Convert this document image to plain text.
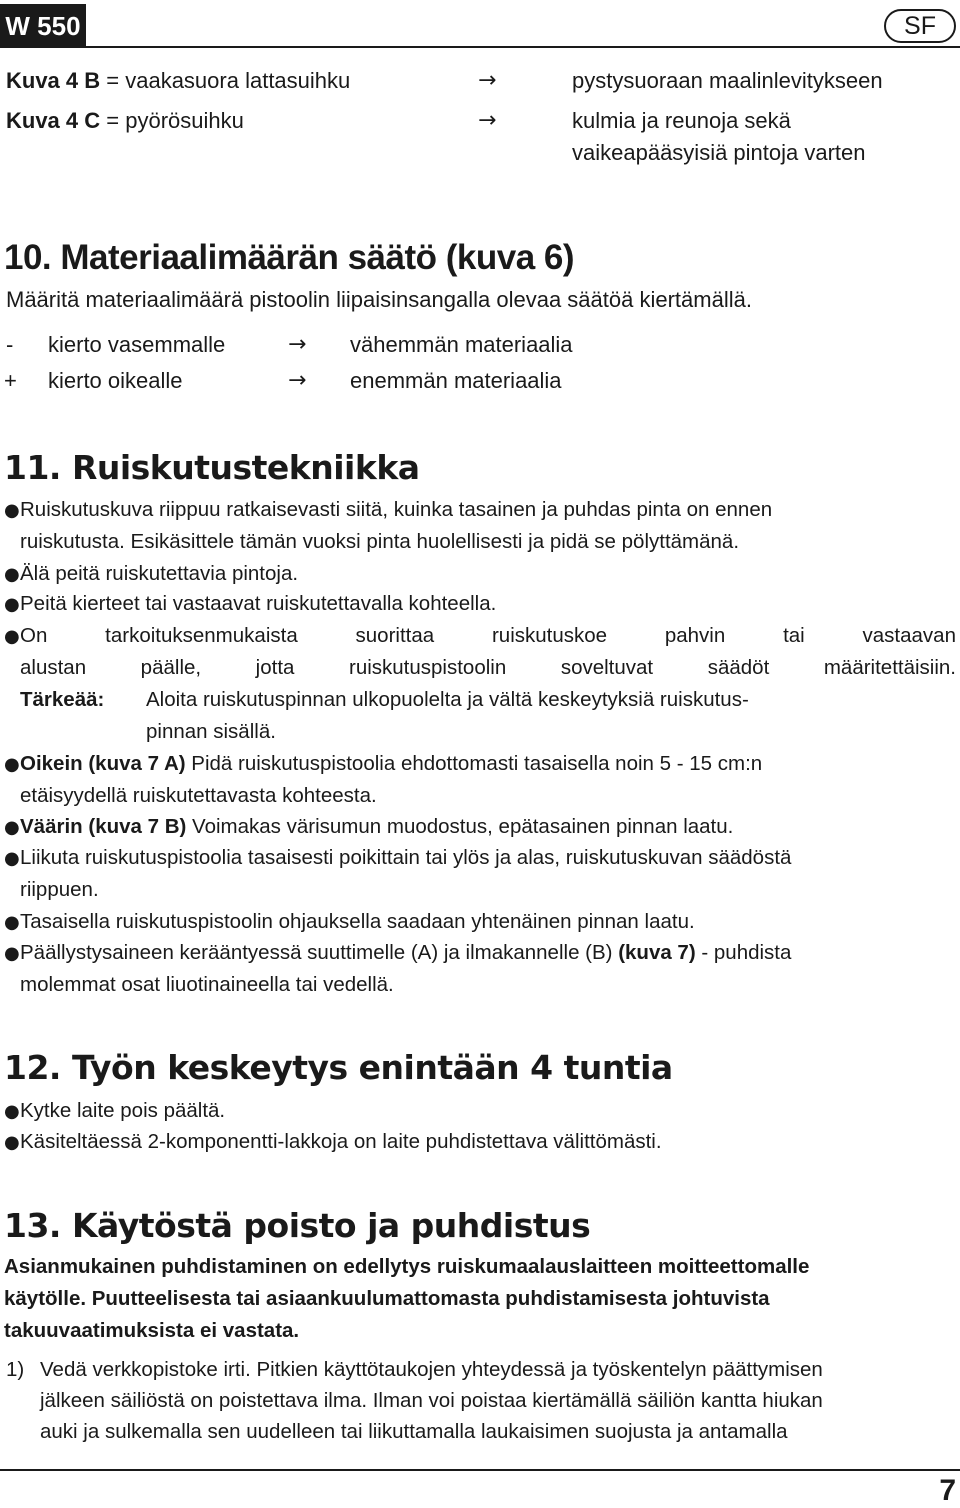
W 550	SF
Kuva 4 B = vaakasuora lattasuihku	→	pystysuoraan maalinlevitykseen
Kuva 4 C = pyörösuihku	→	kulmia ja reunoja sekä
vaikeapääsyisiä pintoja varten
10. Materiaalimäärän säätö (kuva 6)
Määritä materiaalimäärä pistoolin liipaisinsangalla olevaa säätöä kiertämällä.
- kierto vasemmalle	→ vähemmän materiaalia
+ kierto oikealle	→ enemmän materiaalia
11. Ruiskutustekniikka
● Ruiskutuskuva riippuu ratkaisevasti siitä, kuinka tasainen ja puhdas pinta on ennen
ruiskutusta. Esikäsittele tämän vuoksi pinta huolellisesti ja pidä se pölyttämänä.
● Älä peitä ruiskutettavia pintoja.
● Peitä kierteet tai vastaavat ruiskutettavalla kohteella.
● On tarkoituksenmukaista suorittaa ruiskutuskoe pahvin tai vastaavan
alustan päälle, jotta ruiskutuspistoolin soveltuvat säädöt määritettäisiin.
Tärkeää: Aloita ruiskutuspinnan ulkopuolelta ja vältä keskeytyksiä ruiskutus-
pinnan sisällä.
● Oikein (kuva 7 A) Pidä ruiskutuspistoolia ehdottomasti tasaisella noin 5 - 15 cm:n
etäisyydellä ruiskutettavasta kohteesta.
● Väärin (kuva 7 B) Voimakas värisumun muodostus, epätasainen pinnan laatu.
● Liikuta ruiskutuspistoolia tasaisesti poikittain tai ylös ja alas, ruiskutuskuvan säädöstä
riippuen.
● Tasaisella ruiskutuspistoolin ohjauksella saadaan yhtenäinen pinnan laatu.
● Päällystysaineen kerääntyessä suuttimelle (A) ja ilmakannelle (B) (kuva 7) - puhdista
molemmat osat liuotinaineella tai vedellä.
12. Työn keskeytys enintään 4 tuntia
● Kytke laite pois päältä.
● Käsiteltäessä 2-komponentti-lakkoja on laite puhdistettava välittömästi.
13. Käytöstä poisto ja puhdistus
Asianmukainen puhdistaminen on edellytys ruiskumaalauslaitteen moitteettomalle
käytölle. Puutteelisesta tai asiaankuulumattomasta puhdistamisesta johtuvista
takuuvaatimuksista ei vastata.
1) Vedä verkkopistoke irti. Pitkien käyttötaukojen yhteydessä ja työskentelyn päättymisen
jälkeen säiliöstä on poistettava ilma. Ilman voi poistaa kiertämällä säiliön kantta hiukan
auki ja sulkemalla sen uudelleen tai liikuttamalla laukaisimen suojusta ja antamalla
7
